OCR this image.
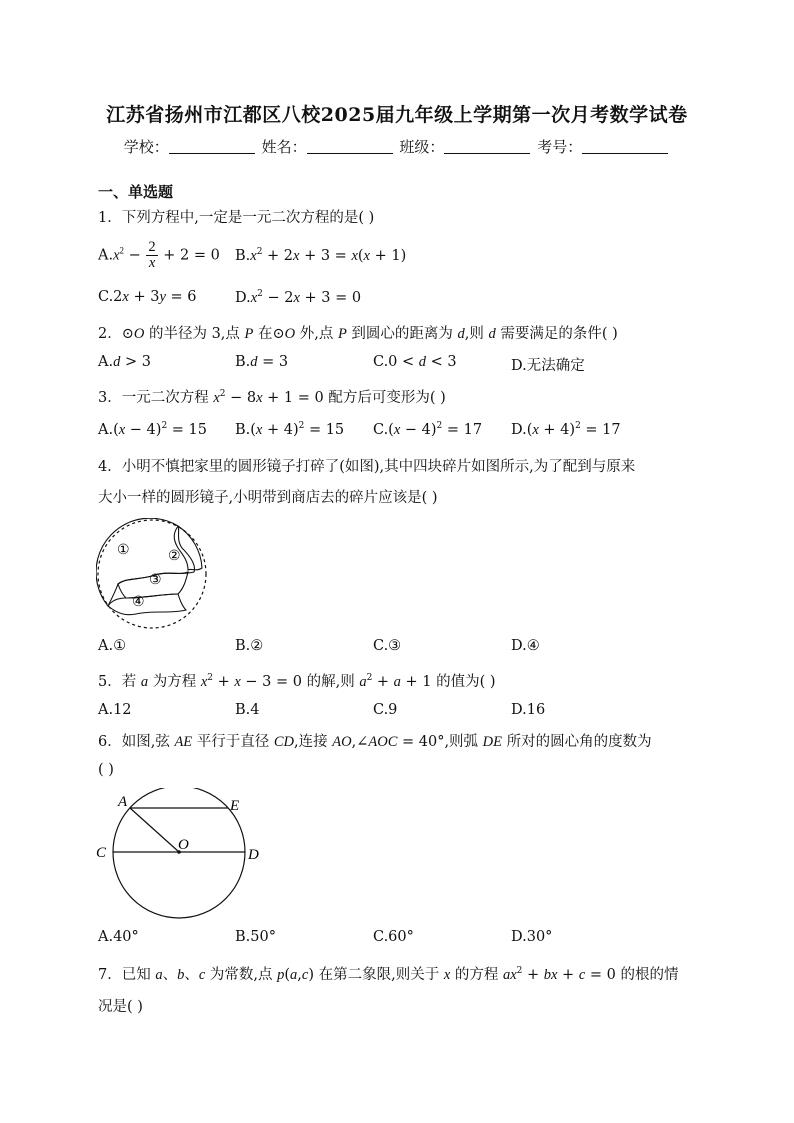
江苏省扬州市江都区八校2025届九年级上学期第一次月考数学试卷
学校：	姓名：	班级：	考号：
一、单选题
1．下列方程中,一定是一元二次方程的是( )
$A.x^2 - \frac{2}{x} + 2 = 0$ $B.x^2 + 2x + 3 = x(x + 1)$
C.2x + 3y = 6	$D.x^2 - 2x + 3 = 0$
2．⊙O 的半径为 3,点 P 在⊙O 外,点 P 到圆心的距离为 d,则 d 需要满足的条件( )
A.d > 3	B.d = 3	C.0 < d < 3	D.无法确定
3．一元二次方程 $x^2 - 8x + 1 = 0$ 配方后可变形为( )
$A.(x - 4)^2 = 15$ $B.(x + 4)^2 = 15$ $C.(x - 4)^2 = 17$ $D.(x + 4)^2 = 17$
4．小明不慎把家里的圆形镜子打碎了(如图),其中四块碎片如图所示,为了配到与原来
大小一样的圆形镜子,小明带到商店去的碎片应该是( )
①	②
③
④
A.①	B.②	C.③	D.④
5．若 a 为方程 $x^2 + x - 3 = 0$ 的解,则 $a^2 + a + 1$ 的值为( )
A.12	B.4	C.9	D.16
6．如图,弦 AE 平行于直径 CD,连接 AO,∠AOC = 40°,则弧 DE 所对的圆心角的度数为
( )
A	E
C	O
D
A.40°	B.50°	C.60°	D.30°
7．已知 a、b、c 为常数,点 p(a,c) 在第二象限,则关于 x 的方程 $ax^2$ + bx + c = 0 的根的情
况是( )
